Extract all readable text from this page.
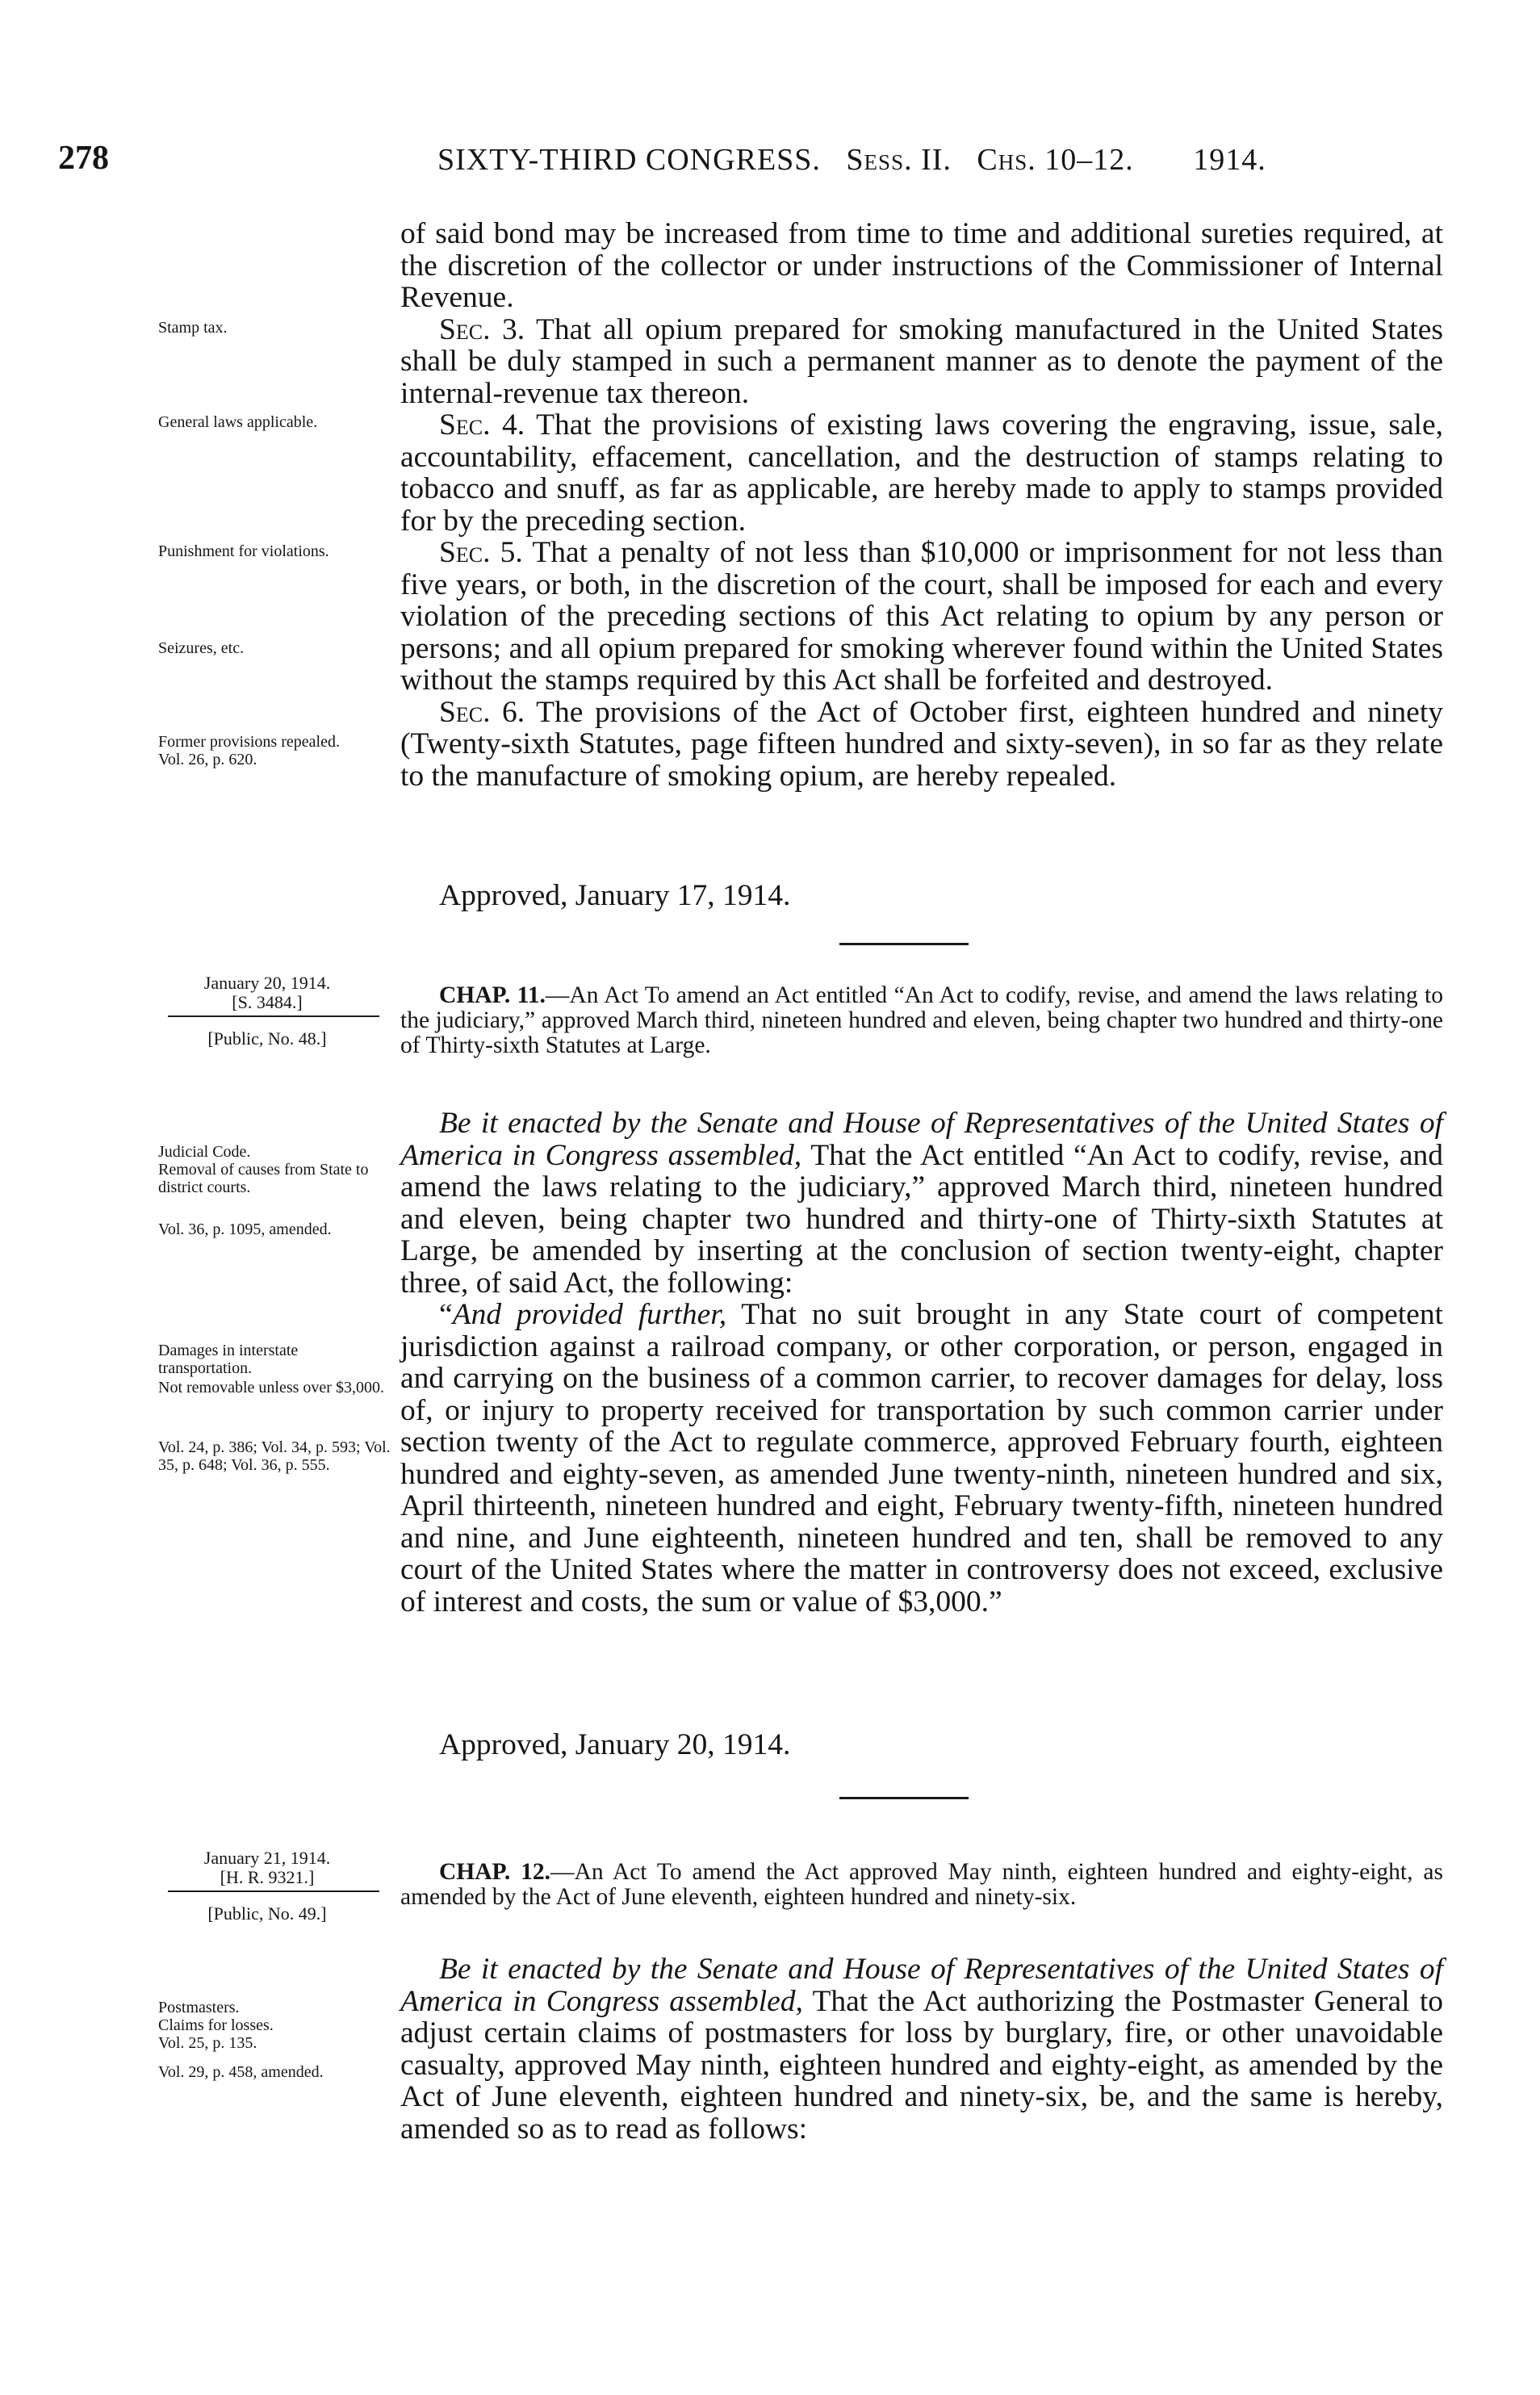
278	SIXTY-THIRD CONGRESS. Sess. II. Chs. 10–12. 1914.

of said bond may be increased from time to time and additional sureties required, at the discretion of the collector or under instructions of the Commissioner of Internal Revenue.

Sec. 3. That all opium prepared for smoking manufactured in the United States shall be duly stamped in such a permanent manner as to denote the payment of the internal-revenue tax thereon.

Sec. 4. That the provisions of existing laws covering the engraving, issue, sale, accountability, effacement, cancellation, and the destruction of stamps relating to tobacco and snuff, as far as applicable, are hereby made to apply to stamps provided for by the preceding section.

Sec. 5. That a penalty of not less than $10,000 or imprisonment for not less than five years, or both, in the discretion of the court, shall be imposed for each and every violation of the preceding sections of this Act relating to opium by any person or persons; and all opium prepared for smoking wherever found within the United States without the stamps required by this Act shall be forfeited and destroyed.

Sec. 6. The provisions of the Act of October first, eighteen hundred and ninety (Twenty-sixth Statutes, page fifteen hundred and sixty-seven), in so far as they relate to the manufacture of smoking opium, are hereby repealed.

Approved, January 17, 1914.
Stamp tax.
General laws applicable.
Punishment for violations.
Seizures, etc.
Former provisions repealed.
Vol. 26, p. 620.
January 20, 1914.
[S. 3484.]
[Public, No. 48.]

CHAP. 11.—An Act To amend an Act entitled “An Act to codify, revise, and amend the laws relating to the judiciary,” approved March third, nineteen hundred and eleven, being chapter two hundred and thirty-one of Thirty-sixth Statutes at Large.

Be it enacted by the Senate and House of Representatives of the United States of America in Congress assembled, That the Act entitled “An Act to codify, revise, and amend the laws relating to the judiciary,” approved March third, nineteen hundred and eleven, being chapter two hundred and thirty-one of Thirty-sixth Statutes at Large, be amended by inserting at the conclusion of section twenty-eight, chapter three, of said Act, the following:

“And provided further, That no suit brought in any State court of competent jurisdiction against a railroad company, or other corporation, or person, engaged in and carrying on the business of a common carrier, to recover damages for delay, loss of, or injury to property received for transportation by such common carrier under section twenty of the Act to regulate commerce, approved February fourth, eighteen hundred and eighty-seven, as amended June twenty-ninth, nineteen hundred and six, April thirteenth, nineteen hundred and eight, February twenty-fifth, nineteen hundred and nine, and June eighteenth, nineteen hundred and ten, shall be removed to any court of the United States where the matter in controversy does not exceed, exclusive of interest and costs, the sum or value of $3,000.”

Approved, January 20, 1914.
Judicial Code.
Removal of causes from State to district courts.
Vol. 36, p. 1095, amended.
Damages in interstate transportation.
Not removable unless over $3,000.
Vol. 24, p. 386; Vol. 34, p. 593; Vol. 35, p. 648; Vol. 36, p. 555.
January 21, 1914.
[H. R. 9321.]
[Public, No. 49.]

CHAP. 12.—An Act To amend the Act approved May ninth, eighteen hundred and eighty-eight, as amended by the Act of June eleventh, eighteen hundred and ninety-six.

Be it enacted by the Senate and House of Representatives of the United States of America in Congress assembled, That the Act authorizing the Postmaster General to adjust certain claims of postmasters for loss by burglary, fire, or other unavoidable casualty, approved May ninth, eighteen hundred and eighty-eight, as amended by the Act of June eleventh, eighteen hundred and ninety-six, be, and the same is hereby, amended so as to read as follows:

Postmasters.
Claims for losses.
Vol. 25, p. 135.
Vol. 29, p. 458, amended.
